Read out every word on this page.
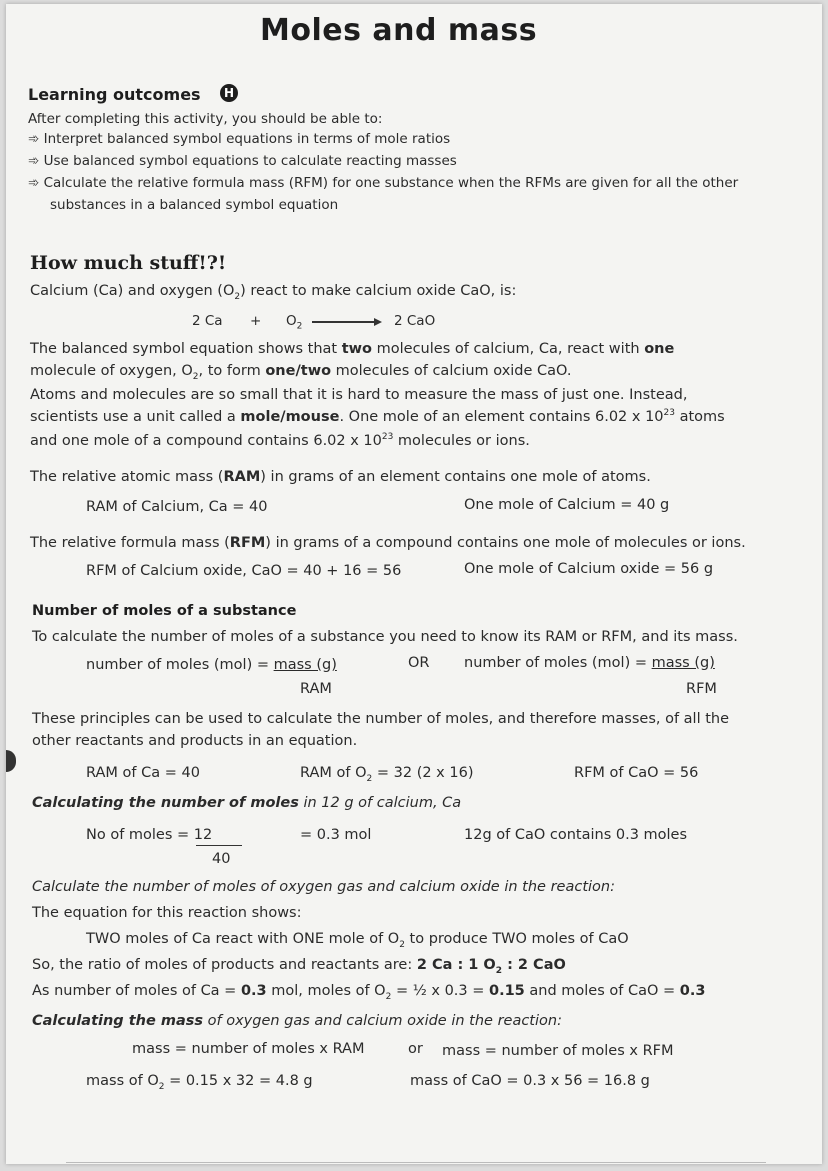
Moles and mass
Learning outcomes	H
After completing this activity, you should be able to:
➾ Interpret balanced symbol equations in terms of mole ratios
➾ Use balanced symbol equations to calculate reacting masses
➾ Calculate the relative formula mass (RFM) for one substance when the RFMs are given for all the other
substances in a balanced symbol equation
How much stuff!?!
Calcium (Ca) and oxygen $(O_2)$ react to make calcium oxide CaO, is:
2 $Ca + O_2$	2 CaO
The balanced symbol equation shows that two molecules of calcium, Ca, react with one
molecule of oxygen, $O_2$, to form one/two molecules of calcium oxide CaO.
Atoms and molecules are so small that it is hard to measure the mass of just one. Instead,
scientists use a unit called a mole/mouse. One mole of an element contains 6.02 x $10^{23}$ atoms
and one mole of a compound contains 6.02 x $10^{23}$ molecules or ions.
The relative atomic mass (RAM) in grams of an element contains one mole of atoms.
RAM of Calcium, Ca = 40	One mole of Calcium = 40 g
The relative formula mass (RFM) in grams of a compound contains one mole of molecules or ions.
RFM of Calcium oxide, CaO = 40 + 16 = 56	One mole of Calcium oxide = 56 g
Number of moles of a substance
To calculate the number of moles of a substance you need to know its RAM or RFM, and its mass.
number of moles (mol) = mass (g)
RAM
OR number of moles (mol) = mass (g)
RFM
These principles can be used to calculate the number of moles, and therefore masses, of all the
other reactants and products in an equation.
RAM of Ca = 40	RAM of $O_2 = 32$ (2 x 16)	RFM of CaO = 56
Calculating the number of moles in 12 g of calcium, Ca
No of moles = 12
40
= 0.3 mol	12g of CaO contains 0.3 moles
Calculate the number of moles of oxygen gas and calcium oxide in the reaction:
The equation for this reaction shows:
TWO moles of Ca react with ONE mole of $O_2$ to produce TWO moles of CaO
So, the ratio of moles of products and reactants are: 2 Ca : 1 $O_2$ : 2 CaO
As number of moles of Ca = 0.3 mol, moles of $O_2$ = ½ x 0.3 = 0.15 and moles of CaO = 0.3
Calculating the mass of oxygen gas and calcium oxide in the reaction:
mass = number of moles x RAM	or mass = number of moles x RFM
mass of $O_2 = 0.15$ x 32 = 4.8 g	mass of CaO = 0.3 x 56 = 16.8 g
